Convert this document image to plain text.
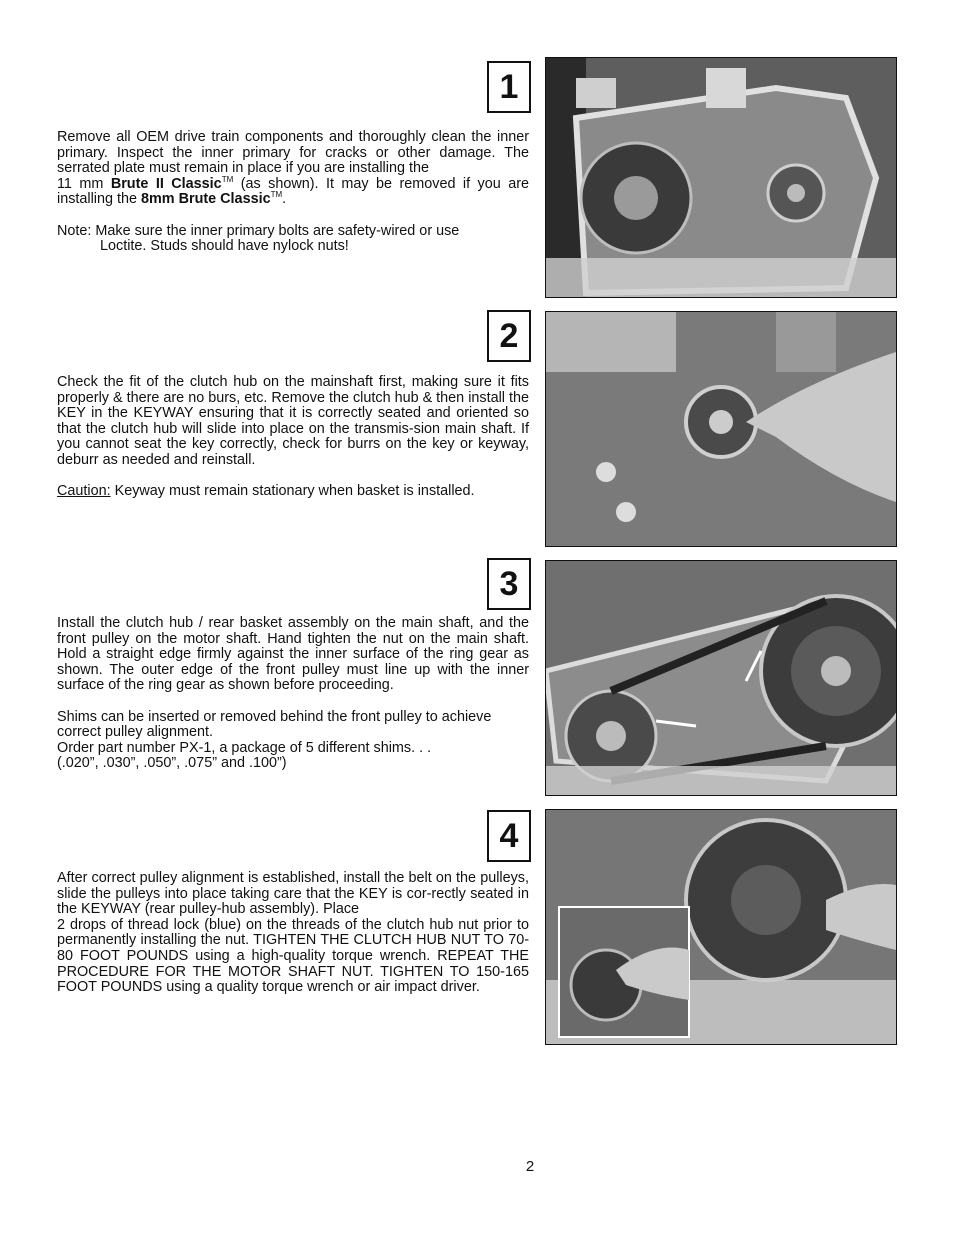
1

Remove all OEM drive train components and thoroughly clean the inner primary. Inspect the inner primary for cracks or other damage. The serrated plate must remain in place if you are installing the
11 mm Brute II Classic™ (as shown). It may be removed if you are installing the 8mm Brute Classic™.

Note: Make sure the inner primary bolts are safety-wired or use
Loctite. Studs should have nylock nuts!

2

Check the fit of the clutch hub on the mainshaft first, making sure it fits properly & there are no burs, etc. Remove the clutch hub & then install the KEY in the KEYWAY ensuring that it is correctly seated and oriented so that the clutch hub will slide into place on the transmis-sion main shaft. If you cannot seat the key correctly, check for burrs on the key or keyway, deburr as needed and reinstall.

Caution: Keyway must remain stationary when basket is installed.

3

Install the clutch hub / rear basket assembly on the main shaft, and the front pulley on the motor shaft. Hand tighten the nut on the main shaft. Hold a straight edge firmly against the inner surface of the ring gear as shown. The outer edge of the front pulley must line up with the inner surface of the ring gear as shown before proceeding.

Shims can be inserted or removed behind the front pulley to achieve correct pulley alignment.

Order part number PX-1, a package of 5 different shims. . .
(.020”, .030”, .050”, .075” and .100”)

4

After correct pulley alignment is established, install the belt on the pulleys, slide the pulleys into place taking care that the KEY is cor-rectly seated in the KEYWAY (rear pulley-hub assembly). Place
2 drops of thread lock (blue) on the threads of the clutch hub nut prior to permanently installing the nut. TIGHTEN THE CLUTCH HUB NUT TO 70-80 FOOT POUNDS using a high-quality torque wrench. REPEAT THE PROCEDURE FOR THE MOTOR SHAFT NUT. TIGHTEN TO 150-165 FOOT POUNDS using a quality torque wrench or air impact driver.

2
